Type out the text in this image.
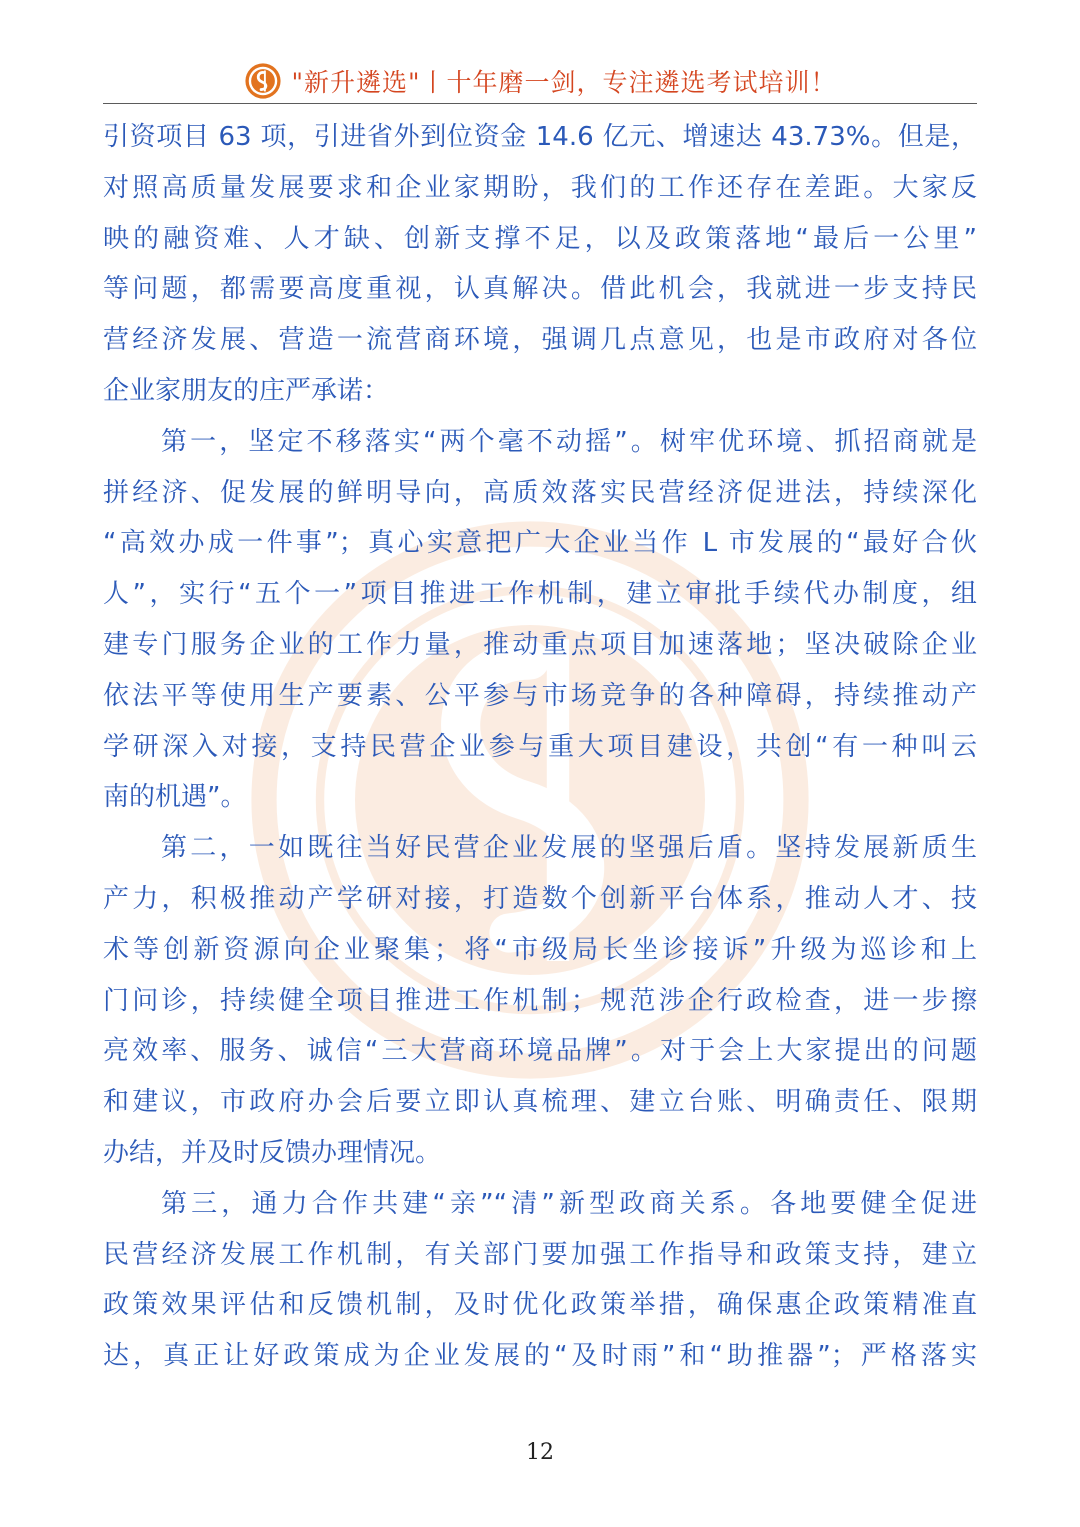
"新升遴选"丨十年磨一剑，专注遴选考试培训！
引资项目 63 项，引进省外到位资金 14.6 亿元、增速达 43.73%。但是，
对照高质量发展要求和企业家期盼，我们的工作还存在差距。大家反
映的融资难、人才缺、创新支撑不足，以及政策落地“最后一公里”
等问题，都需要高度重视，认真解决。借此机会，我就进一步支持民
营经济发展、营造一流营商环境，强调几点意见，也是市政府对各位
企业家朋友的庄严承诺：
第一，坚定不移落实“两个毫不动摇”。树牢优环境、抓招商就是
拼经济、促发展的鲜明导向，高质效落实民营经济促进法，持续深化
“高效办成一件事”；真心实意把广大企业当作 L 市发展的“最好合伙
人”，实行“五个一”项目推进工作机制，建立审批手续代办制度，组
建专门服务企业的工作力量，推动重点项目加速落地；坚决破除企业
依法平等使用生产要素、公平参与市场竞争的各种障碍，持续推动产
学研深入对接，支持民营企业参与重大项目建设，共创“有一种叫云
南的机遇”。
第二，一如既往当好民营企业发展的坚强后盾。坚持发展新质生
产力，积极推动产学研对接，打造数个创新平台体系，推动人才、技
术等创新资源向企业聚集；将“市级局长坐诊接诉”升级为巡诊和上
门问诊，持续健全项目推进工作机制；规范涉企行政检查，进一步擦
亮效率、服务、诚信“三大营商环境品牌”。对于会上大家提出的问题
和建议，市政府办会后要立即认真梳理、建立台账、明确责任、限期
办结，并及时反馈办理情况。
第三，通力合作共建“亲”“清”新型政商关系。各地要健全促进
民营经济发展工作机制，有关部门要加强工作指导和政策支持，建立
政策效果评估和反馈机制，及时优化政策举措，确保惠企政策精准直
达，真正让好政策成为企业发展的“及时雨”和“助推器”；严格落实
12
